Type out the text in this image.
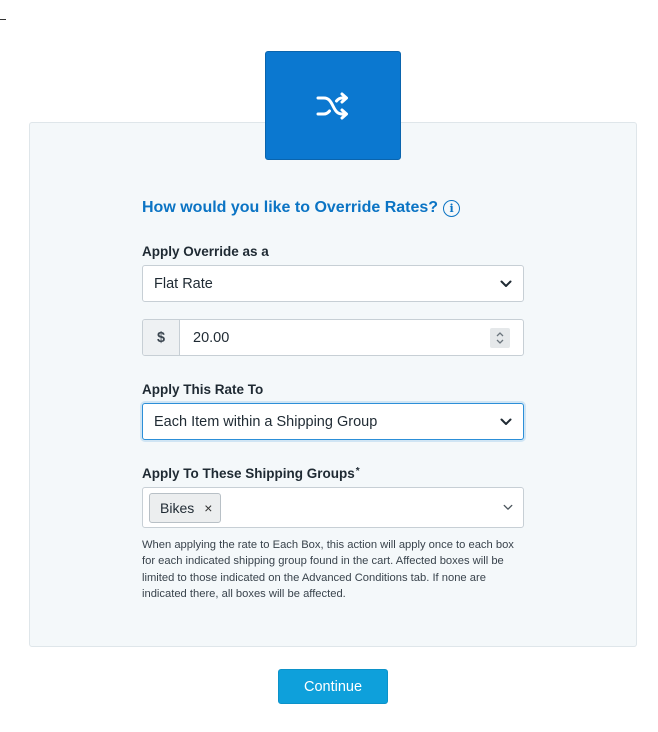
How would you like to Override Rates?	i
Apply Override as a
Flat Rate
$	20.00
Apply This Rate To
Each Item within a Shipping Group
Apply To These Shipping Groups*
Bikes ×
When applying the rate to Each Box, this action will apply once to each box for each indicated shipping group found in the cart. Affected boxes will be limited to those indicated on the Advanced Conditions tab. If none are indicated there, all boxes will be affected.
Continue
